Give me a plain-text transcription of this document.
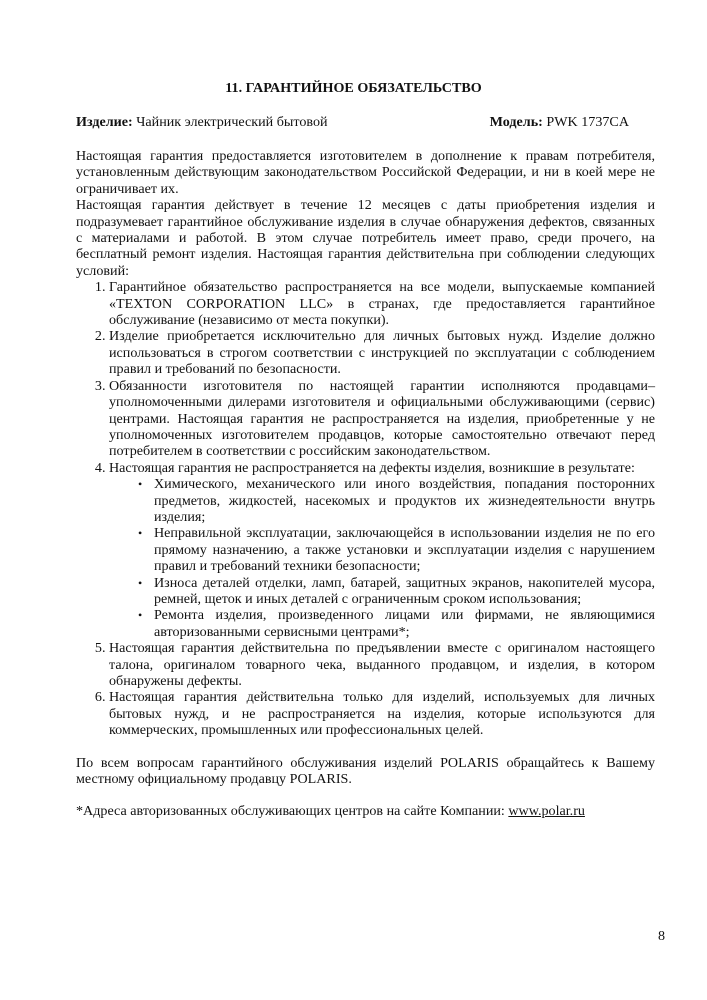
11. ГАРАНТИЙНОЕ ОБЯЗАТЕЛЬСТВО
Изделие: Чайник электрический бытовой	Модель: PWK 1737CA

Настоящая гарантия предоставляется изготовителем в дополнение к правам потребителя, установленным действующим законодательством Российской Федерации, и ни в коей мере не ограничивает их.

Настоящая гарантия действует в течение 12 месяцев с даты приобретения изделия и подразумевает гарантийное обслуживание изделия в случае обнаружения дефектов, связанных с материалами и работой. В этом случае потребитель имеет право, среди прочего, на бесплатный ремонт изделия. Настоящая гарантия действительна при соблюдении следующих условий:

1. Гарантийное обязательство распространяется на все модели, выпускаемые компанией «TEXTON CORPORATION LLC» в странах, где предоставляется гарантийное обслуживание (независимо от места покупки).
2. Изделие приобретается исключительно для личных бытовых нужд. Изделие должно использоваться в строгом соответствии с инструкцией по эксплуатации с соблюдением правил и требований по безопасности.
3. Обязанности изготовителя по настоящей гарантии исполняются продавцами– уполномоченными дилерами изготовителя и официальными обслуживающими (сервис) центрами. Настоящая гарантия не распространяется на изделия, приобретенные у не уполномоченных изготовителем продавцов, которые самостоятельно отвечают перед потребителем в соответствии с российским законодательством.
4. Настоящая гарантия не распространяется на дефекты изделия, возникшие в результате:
• Химического, механического или иного воздействия, попадания посторонних предметов, жидкостей, насекомых и продуктов их жизнедеятельности внутрь изделия;
• Неправильной эксплуатации, заключающейся в использовании изделия не по его прямому назначению, а также установки и эксплуатации изделия с нарушением правил и требований техники безопасности;
• Износа деталей отделки, ламп, батарей, защитных экранов, накопителей мусора, ремней, щеток и иных деталей с ограниченным сроком использования;
• Ремонта изделия, произведенного лицами или фирмами, не являющимися авторизованными сервисными центрами*;
5. Настоящая гарантия действительна по предъявлении вместе с оригиналом настоящего талона, оригиналом товарного чека, выданного продавцом, и изделия, в котором обнаружены дефекты.
6. Настоящая гарантия действительна только для изделий, используемых для личных бытовых нужд, и не распространяется на изделия, которые используются для коммерческих, промышленных или профессиональных целей.

По всем вопросам гарантийного обслуживания изделий POLARIS обращайтесь к Вашему местному официальному продавцу POLARIS.

*Адреса авторизованных обслуживающих центров на сайте Компании: www.polar.ru

8
